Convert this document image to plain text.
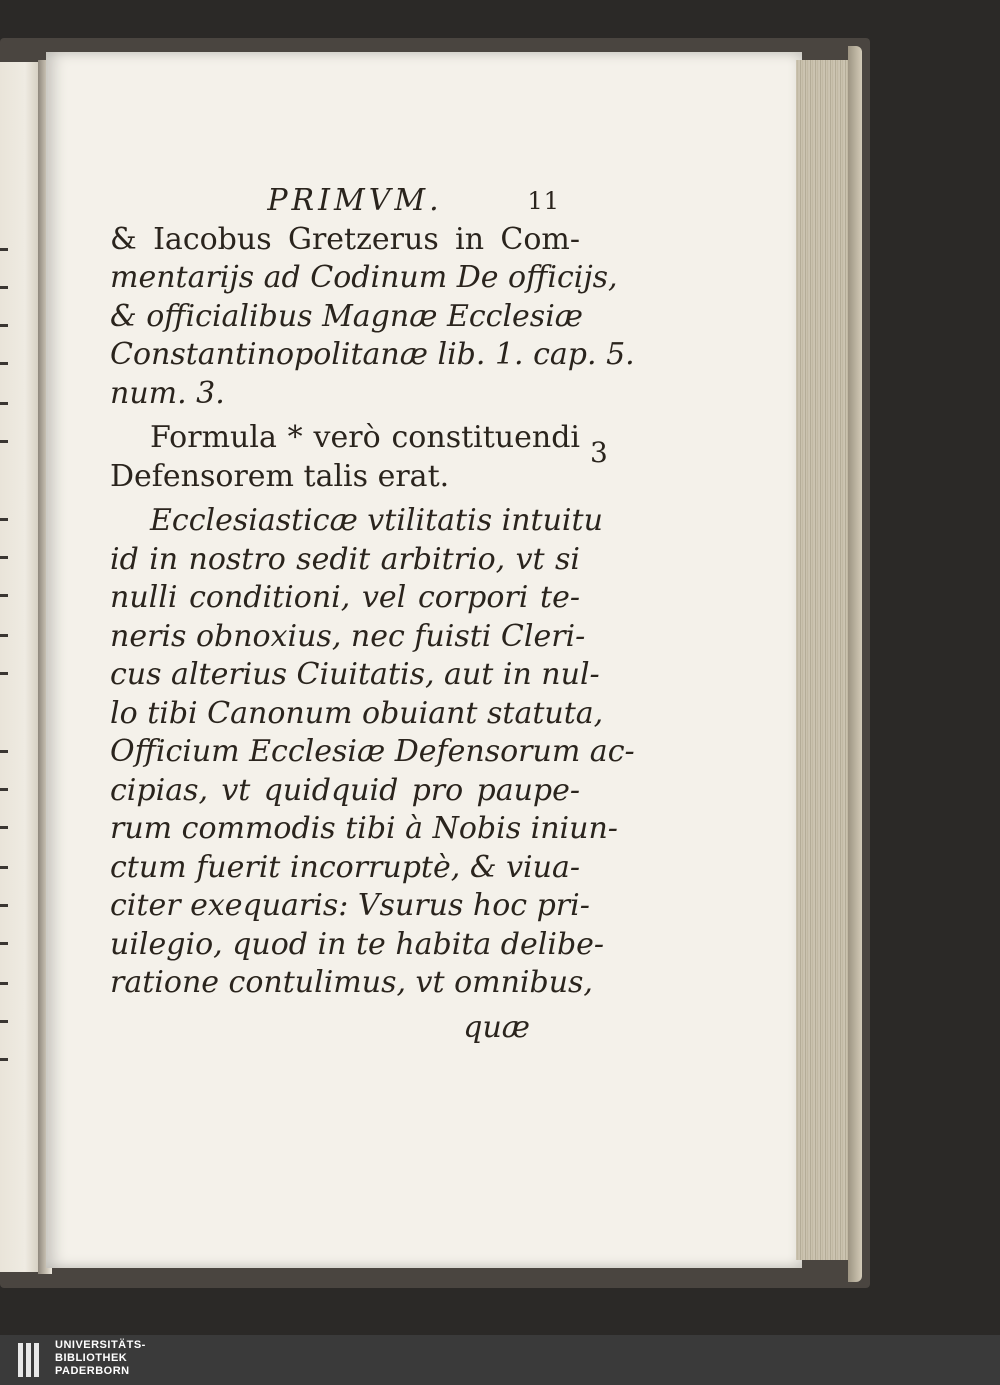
PRIMVM.	11
& Iacobus Gretzerus in Com-
mentarijs ad Codinum De officijs,
& officialibus Magnæ Ecclesiæ
Constantinopolitanæ lib. 1. cap. 5.
num. 3.
Formula * verò constituendi
Defensorem talis erat.
Ecclesiasticæ vtilitatis intuitu
id in nostro sedit arbitrio, vt si
nulli conditioni, vel corpori te-
neris obnoxius, nec fuisti Cleri-
cus alterius Ciuitatis, aut in nul-
lo tibi Canonum obuiant statuta,
Officium Ecclesiæ Defensorum ac-
cipias, vt quidquid pro paupe-
rum commodis tibi à Nobis iniun-
ctum fuerit incorruptè, & viua-
citer exequaris: Vsurus hoc pri-
uilegio, quod in te habita delibe-
ratione contulimus, vt omnibus,
quæ
3
UNIVERSITÄTS-
BIBLIOTHEK
PADERBORN
